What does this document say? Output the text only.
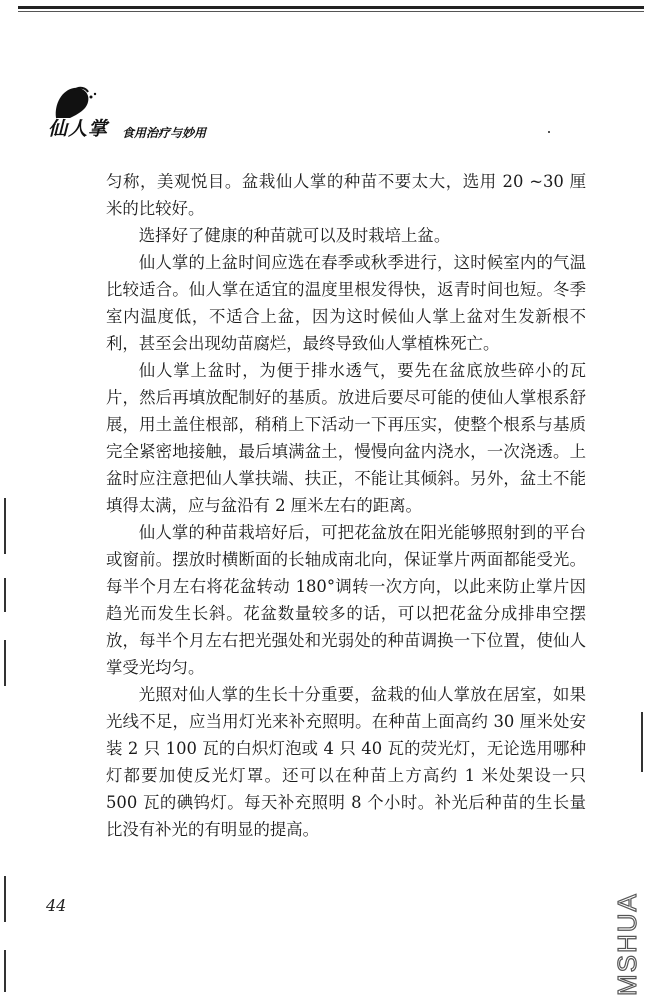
仙人掌 食用治疗与妙用

匀称，美观悦目。盆栽仙人掌的种苗不要太大，选用 20 ~30 厘米的比较好。

选择好了健康的种苗就可以及时栽培上盆。

仙人掌的上盆时间应选在春季或秋季进行，这时候室内的气温比较适合。仙人掌在适宜的温度里根发得快，返青时间也短。冬季室内温度低，不适合上盆，因为这时候仙人掌上盆对生发新根不利，甚至会出现幼苗腐烂，最终导致仙人掌植株死亡。

仙人掌上盆时，为便于排水透气，要先在盆底放些碎小的瓦片，然后再填放配制好的基质。放进后要尽可能的使仙人掌根系舒展，用土盖住根部，稍稍上下活动一下再压实，使整个根系与基质完全紧密地接触，最后填满盆土，慢慢向盆内浇水，一次浇透。上盆时应注意把仙人掌扶端、扶正，不能让其倾斜。另外，盆土不能填得太满，应与盆沿有 2 厘米左右的距离。

仙人掌的种苗栽培好后，可把花盆放在阳光能够照射到的平台或窗前。摆放时横断面的长轴成南北向，保证掌片两面都能受光。每半个月左右将花盆转动 180°调转一次方向，以此来防止掌片因趋光而发生长斜。花盆数量较多的话，可以把花盆分成排串空摆放，每半个月左右把光强处和光弱处的种苗调换一下位置，使仙人掌受光均匀。

光照对仙人掌的生长十分重要，盆栽的仙人掌放在居室，如果光线不足，应当用灯光来补充照明。在种苗上面高约 30 厘米处安装 2 只 100 瓦的白炽灯泡或 4 只 40 瓦的荧光灯，无论选用哪种灯都要加使反光灯罩。还可以在种苗上方高约 1 米处架设一只 500 瓦的碘钨灯。每天补充照明 8 个小时。补光后种苗的生长量比没有补光的有明显的提高。

44	MSHUA
